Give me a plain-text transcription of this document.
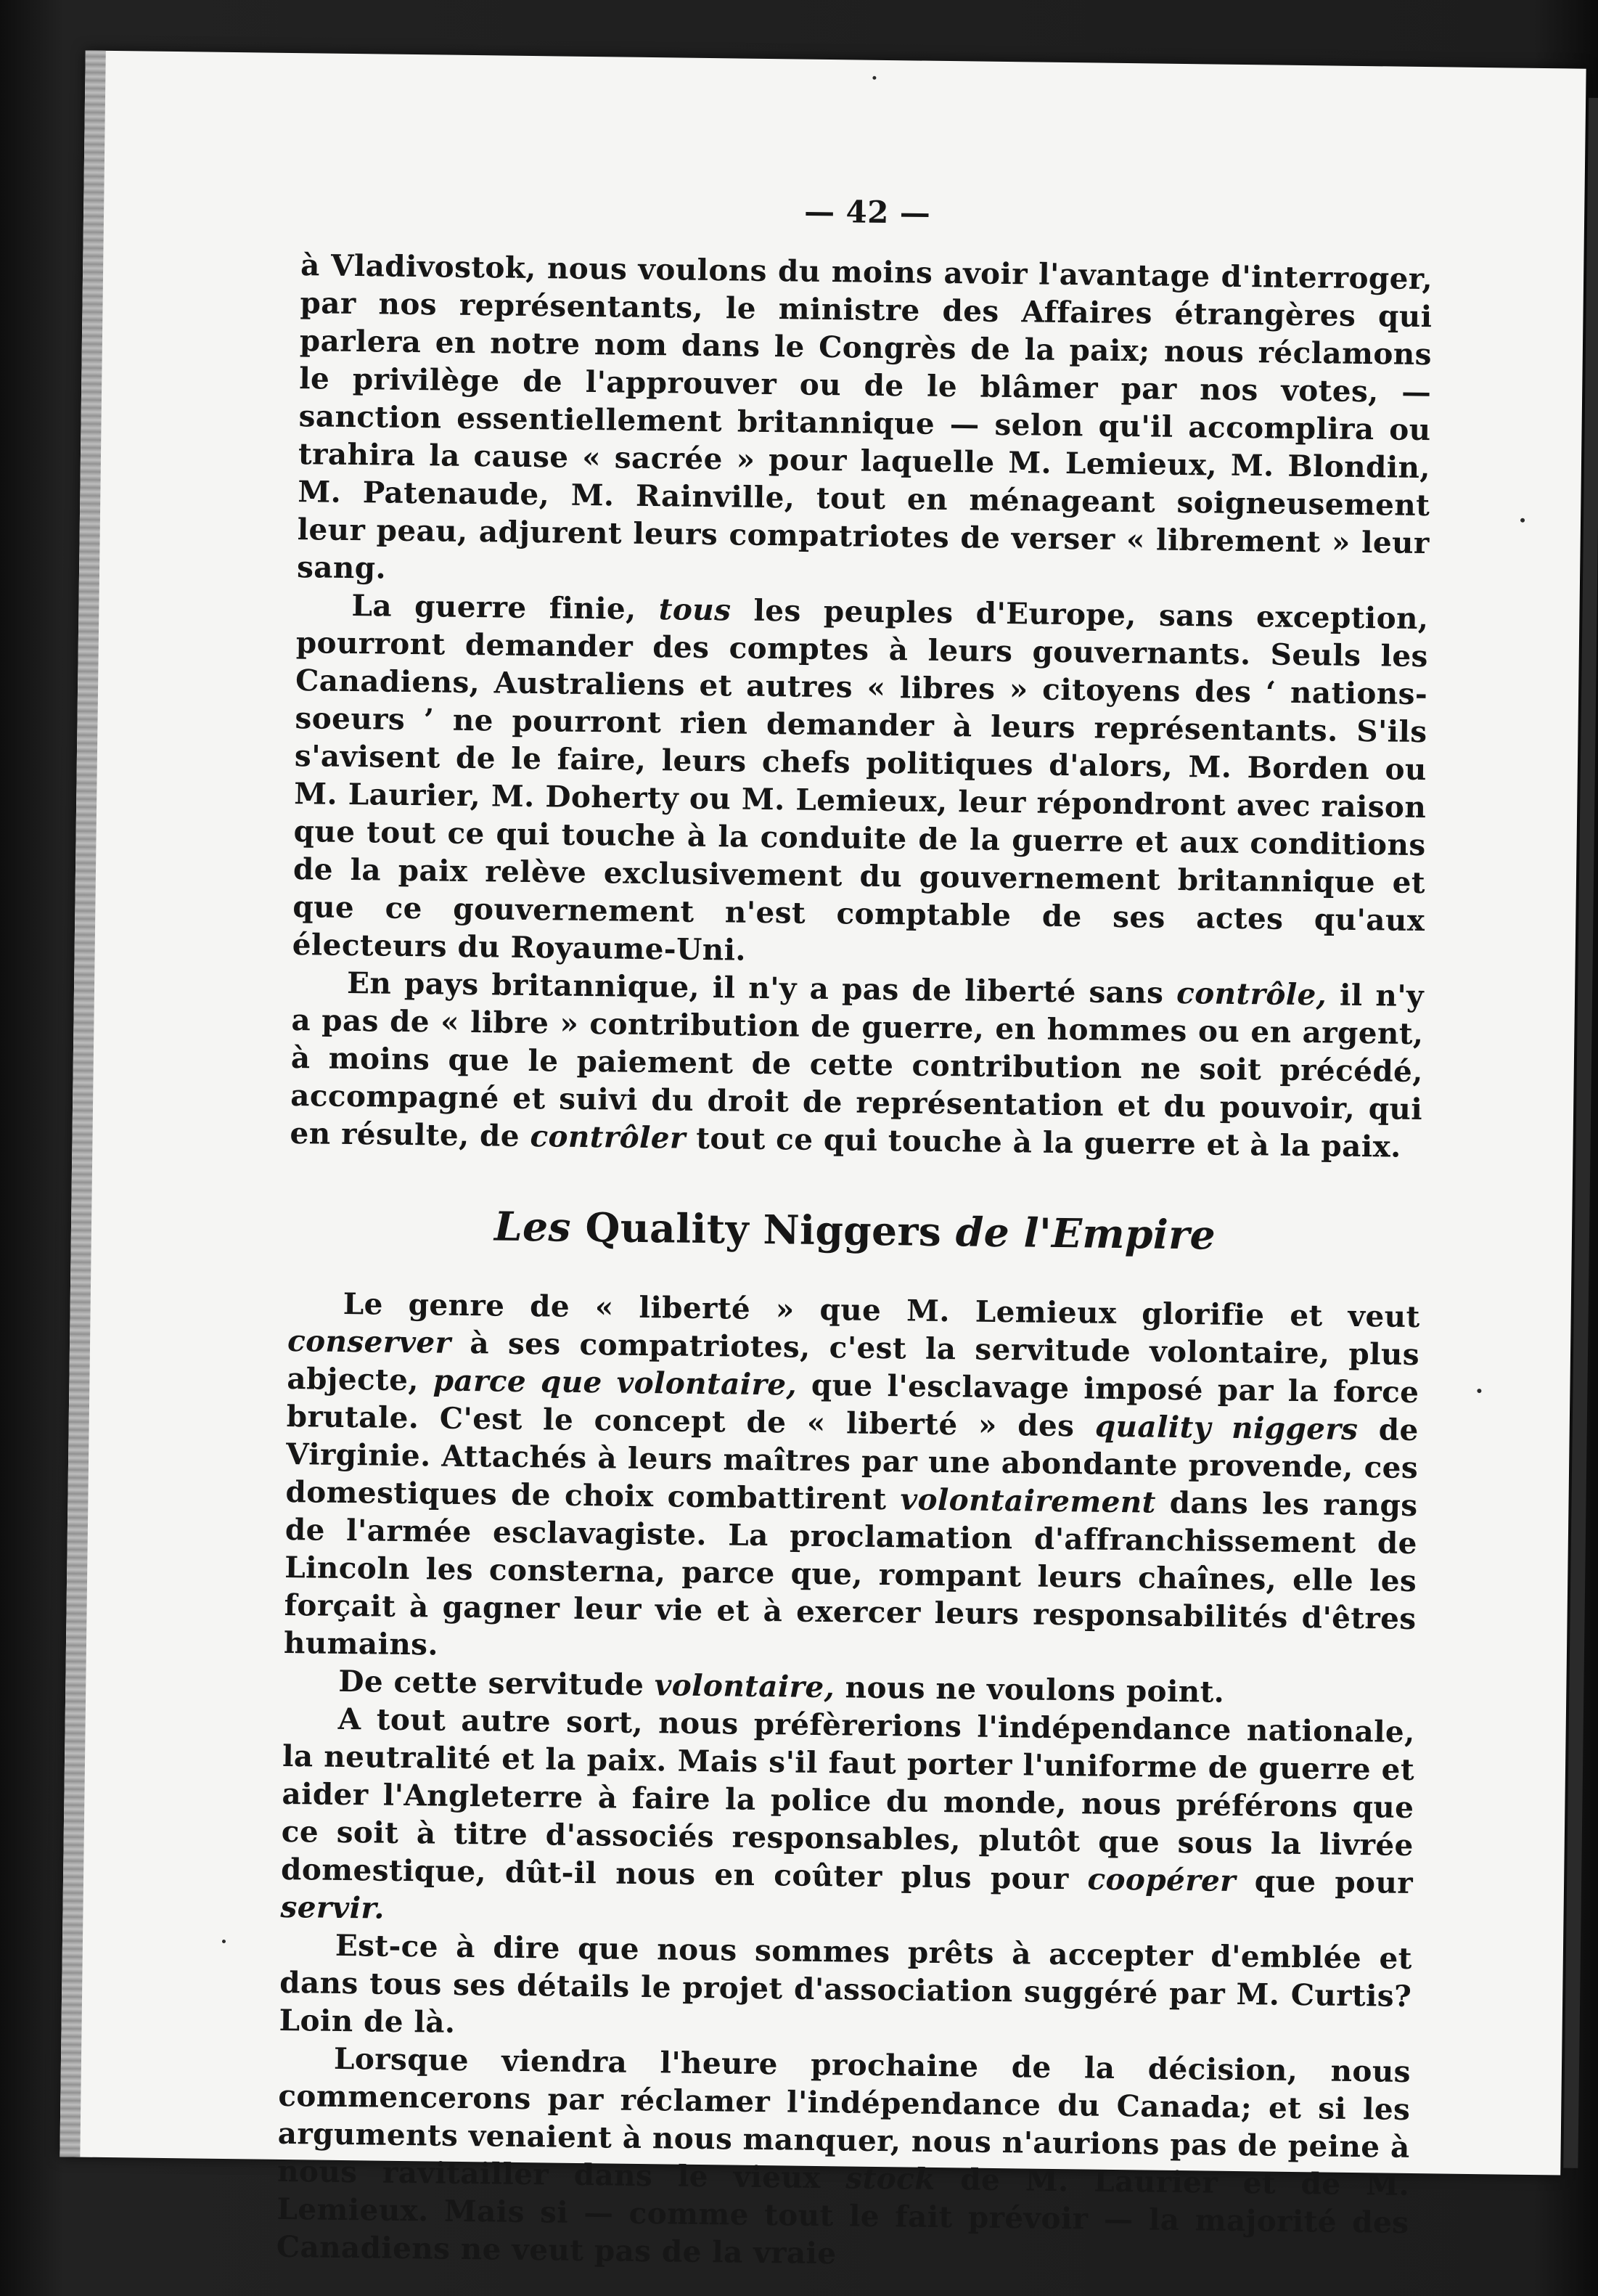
— 42 —

à Vladivostok, nous voulons du moins avoir l'avantage d'interroger, par nos représentants, le ministre des Affaires étrangères qui parlera en notre nom dans le Congrès de la paix; nous réclamons le privilège de l'approuver ou de le blâmer par nos votes, — sanction essentiellement britannique — selon qu'il accomplira ou trahira la cause « sacrée » pour laquelle M. Lemieux, M. Blondin, M. Patenaude, M. Rainville, tout en ménageant soigneusement leur peau, adjurent leurs compatriotes de verser « librement » leur sang.

La guerre finie, tous les peuples d'Europe, sans exception, pourront demander des comptes à leurs gouvernants. Seuls les Canadiens, Australiens et autres « libres » citoyens des ‘ nations-soeurs ’ ne pourront rien demander à leurs représentants. S'ils s'avisent de le faire, leurs chefs politiques d'alors, M. Borden ou M. Laurier, M. Doherty ou M. Lemieux, leur répondront avec raison que tout ce qui touche à la conduite de la guerre et aux conditions de la paix relève exclusivement du gouvernement britannique et que ce gouvernement n'est comptable de ses actes qu'aux électeurs du Royaume-Uni.

En pays britannique, il n'y a pas de liberté sans contrôle, il n'y a pas de « libre » contribution de guerre, en hommes ou en argent, à moins que le paiement de cette contribution ne soit précédé, accompagné et suivi du droit de représentation et du pouvoir, qui en résulte, de contrôler tout ce qui touche à la guerre et à la paix.

Les Quality Niggers de l'Empire

Le genre de « liberté » que M. Lemieux glorifie et veut conserver à ses compatriotes, c'est la servitude volontaire, plus abjecte, parce que volontaire, que l'esclavage imposé par la force brutale. C'est le concept de « liberté » des quality niggers de Virginie. Attachés à leurs maîtres par une abondante provende, ces domestiques de choix combattirent volontairement dans les rangs de l'armée esclavagiste. La proclamation d'affranchissement de Lincoln les consterna, parce que, rompant leurs chaînes, elle les forçait à gagner leur vie et à exercer leurs responsabilités d'êtres humains.

De cette servitude volontaire, nous ne voulons point.

A tout autre sort, nous préfèrerions l'indépendance nationale, la neutralité et la paix. Mais s'il faut porter l'uniforme de guerre et aider l'Angleterre à faire la police du monde, nous préférons que ce soit à titre d'associés responsables, plutôt que sous la livrée domestique, dût-il nous en coûter plus pour coopérer que pour servir.

Est-ce à dire que nous sommes prêts à accepter d'emblée et dans tous ses détails le projet d'association suggéré par M. Curtis? Loin de là.

Lorsque viendra l'heure prochaine de la décision, nous commencerons par réclamer l'indépendance du Canada; et si les arguments venaient à nous manquer, nous n'aurions pas de peine à nous ravitailler dans le vieux stock de M. Laurier et de M. Lemieux. Mais si — comme tout le fait prévoir — la majorité des Canadiens ne veut pas de la vraie
